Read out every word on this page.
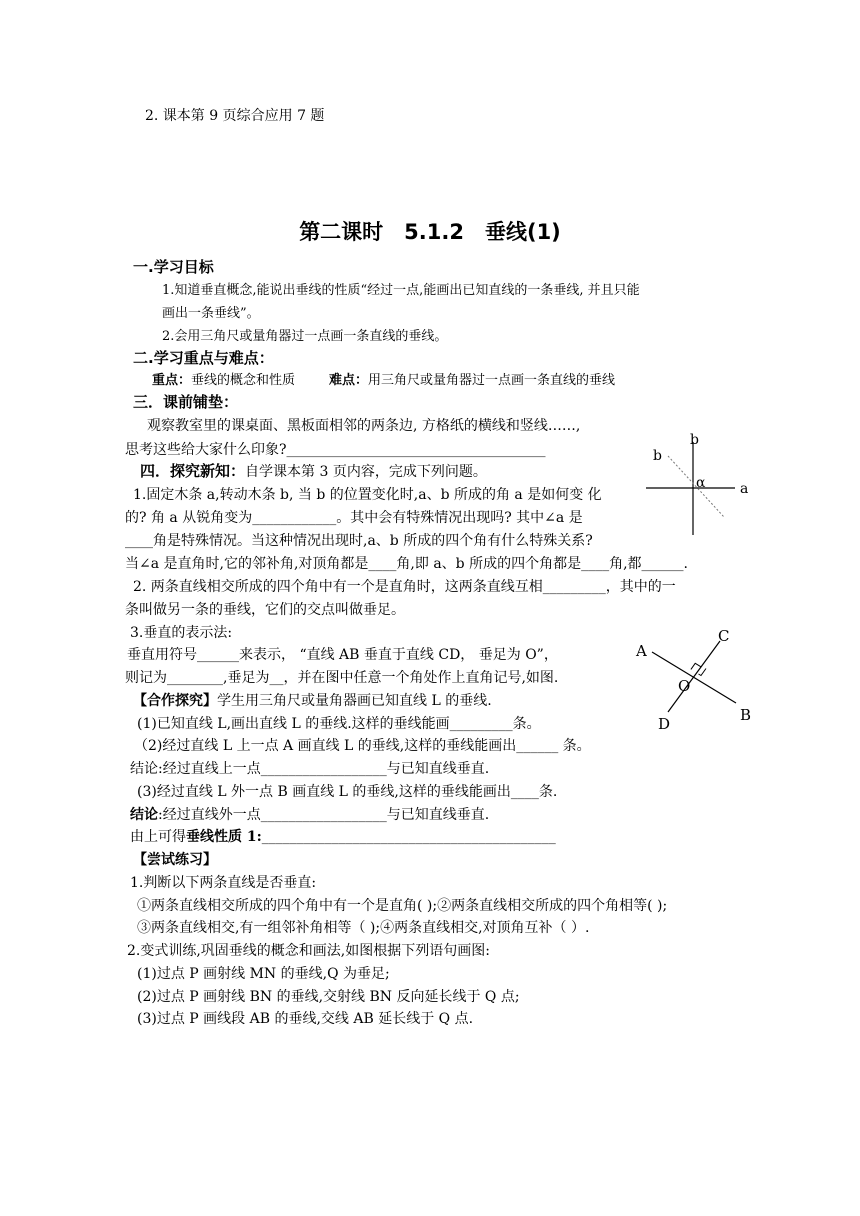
2. 课本第 9 页综合应用 7 题
第二课时　5.1.2　垂线(1)
一.学习目标
1.知道垂直概念,能说出垂线的性质“经过一点,能画出已知直线的一条垂线, 并且只能
画出一条垂线”。
2.会用三角尺或量角器过一点画一条直线的垂线。
二.学习重点与难点：
重点：垂线的概念和性质	难点：用三角尺或量角器过一点画一条直线的垂线
三．课前铺垫：
观察教室里的课桌面、黑板面相邻的两条边, 方格纸的横线和竖线……,
思考这些给大家什么印象?_____________________________________
四．探究新知：自学课本第 3 页内容，完成下列问题。
1.固定木条 a,转动木条 b, 当 b 的位置变化时,a、b 所成的角 a 是如何变 化
的? 角 a 从锐角变为____________。其中会有特殊情况出现吗? 其中∠a 是
____角是特殊情况。当这种情况出现时,a、b 所成的四个角有什么特殊关系?
当∠a 是直角时,它的邻补角,对顶角都是____角,即 a、b 所成的四个角都是____角,都______.
2. 两条直线相交所成的四个角中有一个是直角时，这两条直线互相_________，其中的一
条叫做另一条的垂线，它们的交点叫做垂足。
3.垂直的表示法:
垂直用符号______来表示， “直线 AB 垂直于直线 CD， 垂足为 O”，
则记为________,垂足为__，并在图中任意一个角处作上直角记号,如图.
【合作探究】学生用三角尺或量角器画已知直线 L 的垂线.
(1)已知直线 L,画出直线 L 的垂线.这样的垂线能画_________条。
（2)经过直线 L 上一点 A 画直线 L 的垂线,这样的垂线能画出______ 条。
结论:经过直线上一点__________________与已知直线垂直.
(3)经过直线 L 外一点 B 画直线 L 的垂线,这样的垂线能画出____条.
结论:经过直线外一点__________________与已知直线垂直.
由上可得垂线性质 1:__________________________________________
【尝试练习】
1.判断以下两条直线是否垂直:
①两条直线相交所成的四个角中有一个是直角( );②两条直线相交所成的四个角相等( );
③两条直线相交,有一组邻补角相等（ );④两条直线相交,对顶角互补（ ）.
2.变式训练,巩固垂线的概念和画法,如图根据下列语句画图:
(1)过点 P 画射线 MN 的垂线,Q 为垂足;
(2)过点 P 画射线 BN 的垂线,交射线 BN 反向延长线于 Q 点;
(3)过点 P 画线段 AB 的垂线,交线 AB 延长线于 Q 点.
b
b
α a
A
B
C
D
O
